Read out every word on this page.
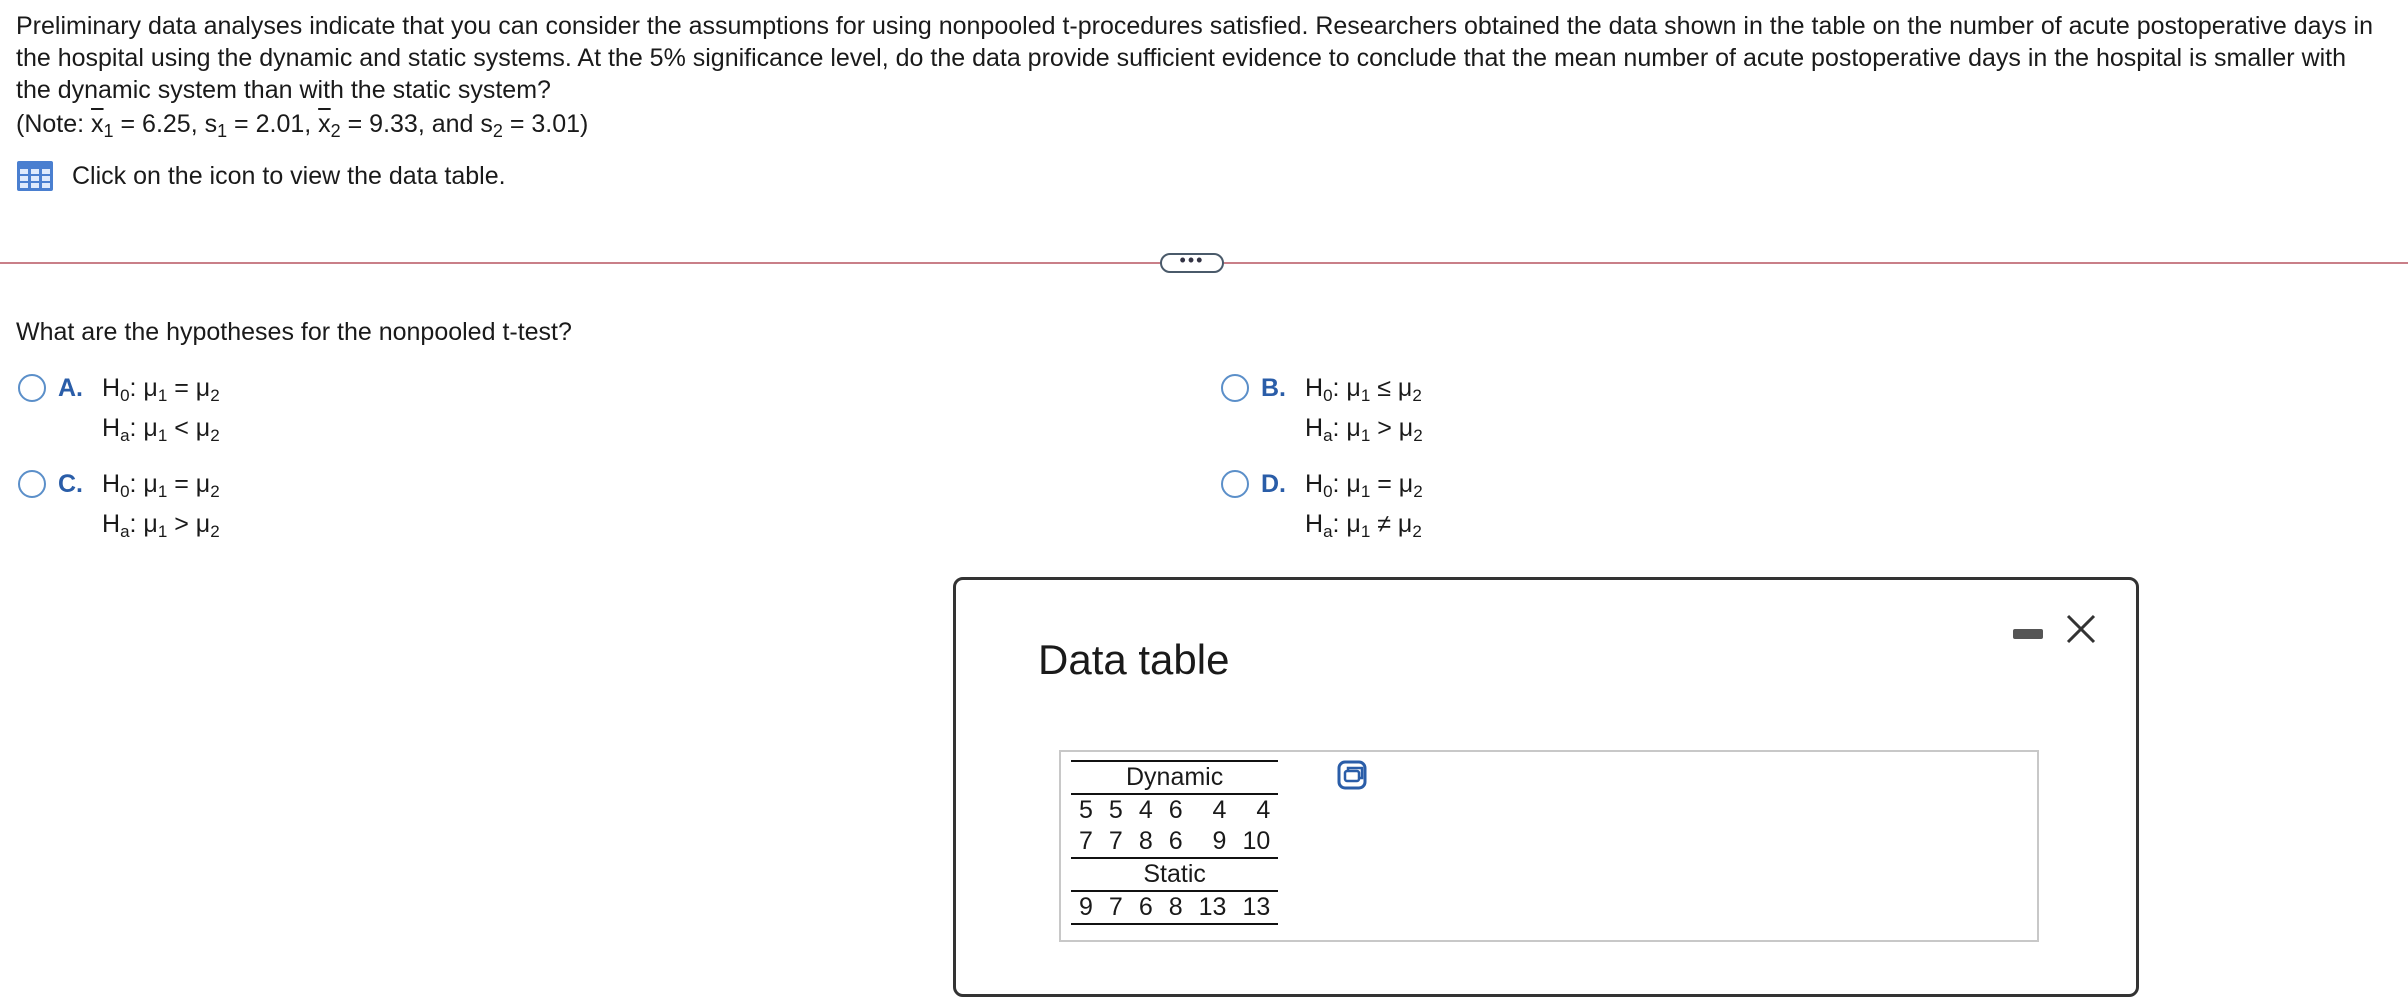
Preliminary data analyses indicate that you can consider the assumptions for using nonpooled t-procedures satisfied. Researchers obtained the data shown in the table on the number of acute postoperative days in the hospital using the dynamic and static systems. At the 5% significance level, do the data provide sufficient evidence to conclude that the mean number of acute postoperative days in the hospital is smaller with the dynamic system than with the static system?

(Note: $\overline{x}_1 = 6.25$, $s_1 = 2.01$, $\overline{x}_2 = 9.33$, and $s_2 = 3.01$)
Click on the icon to view the data table.
•••
What are the hypotheses for the nonpooled t-test?
A. $H_0$: $\mu_1 = \mu_2$
$H_a$: $\mu_1 < \mu_2$
B. $H_0$: $\mu_1 \le \mu_2$
$H_a$: $\mu_1 > \mu_2$
C. $H_0$: $\mu_1 = \mu_2$
$H_a$: $\mu_1 > \mu_2$
D. $H_0$: $\mu_1 = \mu_2$
$H_a$: $\mu_1 \ne \mu_2$
Data table
Dynamic					
5	5	4	6	4	4
7	7	8	6	9	10
Static					
9	7	6	8	13	13
